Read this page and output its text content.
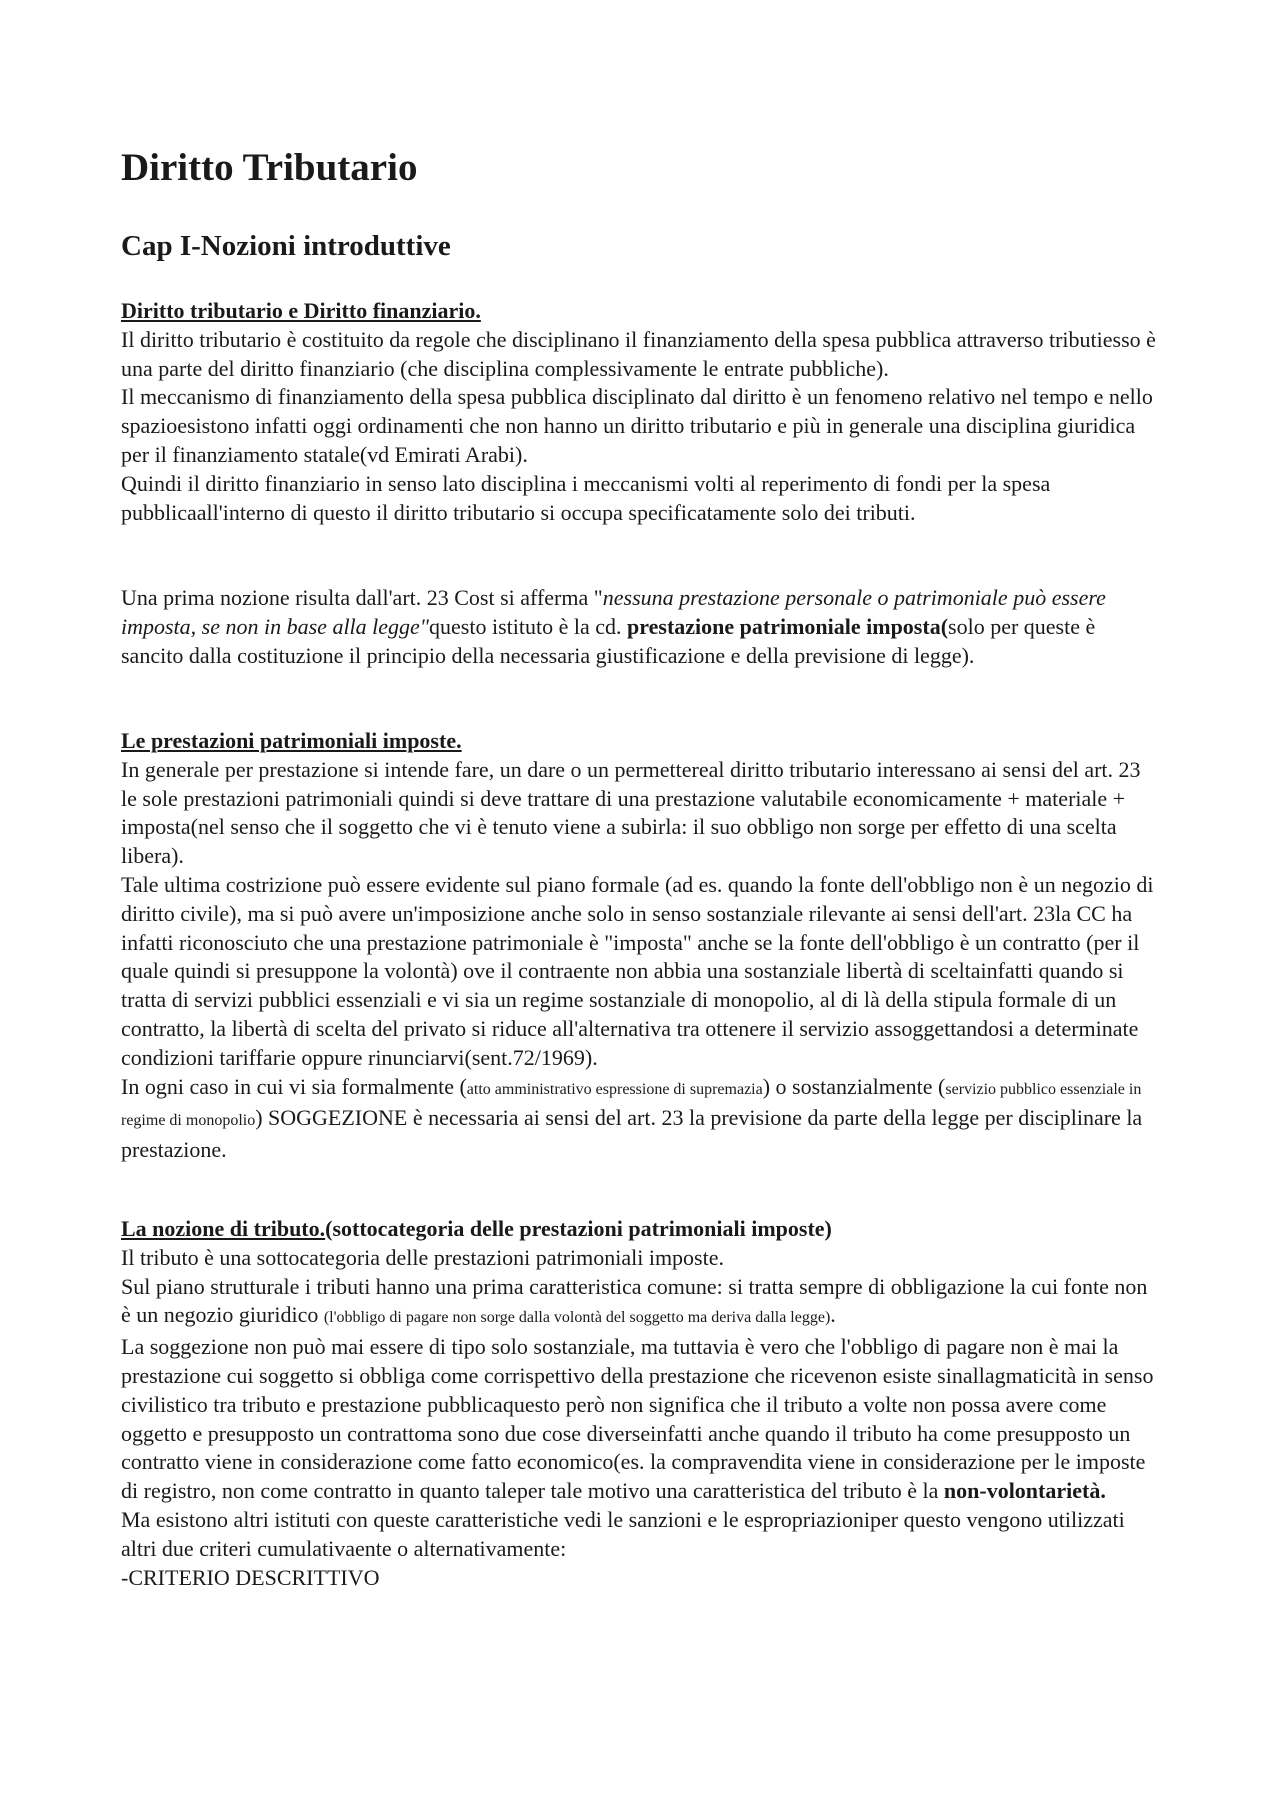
Diritto Tributario
Cap I-Nozioni introduttive

Diritto tributario e Diritto finanziario.

Il diritto tributario è costituito da regole che disciplinano il finanziamento della spesa pubblica attraverso tributiesso è una parte del diritto finanziario (che disciplina complessivamente le entrate pubbliche).

Il meccanismo di finanziamento della spesa pubblica disciplinato dal diritto è un fenomeno relativo nel tempo e nello spazioesistono infatti oggi ordinamenti che non hanno un diritto tributario e più in generale una disciplina giuridica per il finanziamento statale(vd Emirati Arabi).

Quindi il diritto finanziario in senso lato disciplina i meccanismi volti al reperimento di fondi per la spesa pubblicaall'interno di questo il diritto tributario si occupa specificatamente solo dei tributi.

Una prima nozione risulta dall'art. 23 Cost si afferma "nessuna prestazione personale o patrimoniale può essere imposta, se non in base alla legge"questo istituto è la cd. prestazione patrimoniale imposta(solo per queste è sancito dalla costituzione il principio della necessaria giustificazione e della previsione di legge).

Le prestazioni patrimoniali imposte.

In generale per prestazione si intende fare, un dare o un permettereal diritto tributario interessano ai sensi del art. 23 le sole prestazioni patrimoniali quindi si deve trattare di una prestazione valutabile economicamente + materiale + imposta(nel senso che il soggetto che vi è tenuto viene a subirla: il suo obbligo non sorge per effetto di una scelta libera).

Tale ultima costrizione può essere evidente sul piano formale (ad es. quando la fonte dell'obbligo non è un negozio di diritto civile), ma si può avere un'imposizione anche solo in senso sostanziale rilevante ai sensi dell'art. 23la CC ha infatti riconosciuto che una prestazione patrimoniale è "imposta" anche se la fonte dell'obbligo è un contratto (per il quale quindi si presuppone la volontà) ove il contraente non abbia una sostanziale libertà di sceltainfatti quando si tratta di servizi pubblici essenziali e vi sia un regime sostanziale di monopolio, al di là della stipula formale di un contratto, la libertà di scelta del privato si riduce all'alternativa tra ottenere il servizio assoggettandosi a determinate condizioni tariffarie oppure rinunciarvi(sent.72/1969).

In ogni caso in cui vi sia formalmente (atto amministrativo espressione di supremazia) o sostanzialmente (servizio pubblico essenziale in regime di monopolio) SOGGEZIONE è necessaria ai sensi del art. 23 la previsione da parte della legge per disciplinare la prestazione.

La nozione di tributo.(sottocategoria delle prestazioni patrimoniali imposte)

Il tributo è una sottocategoria delle prestazioni patrimoniali imposte.

Sul piano strutturale i tributi hanno una prima caratteristica comune: si tratta sempre di obbligazione la cui fonte non è un negozio giuridico (l'obbligo di pagare non sorge dalla volontà del soggetto ma deriva dalla legge).

La soggezione non può mai essere di tipo solo sostanziale, ma tuttavia è vero che l'obbligo di pagare non è mai la prestazione cui soggetto si obbliga come corrispettivo della prestazione che ricevenon esiste sinallagmaticità in senso civilistico tra tributo e prestazione pubblicaquesto però non significa che il tributo a volte non possa avere come oggetto e presupposto un contrattoma sono due cose diverseinfatti anche quando il tributo ha come presupposto un contratto viene in considerazione come fatto economico(es. la compravendita viene in considerazione per le imposte di registro, non come contratto in quanto taleper tale motivo una caratteristica del tributo è la non-volontarietà.

Ma esistono altri istituti con queste caratteristiche vedi le sanzioni e le espropriazioniper questo vengono utilizzati altri due criteri cumulativaente o alternativamente:

-CRITERIO DESCRITTIVO
